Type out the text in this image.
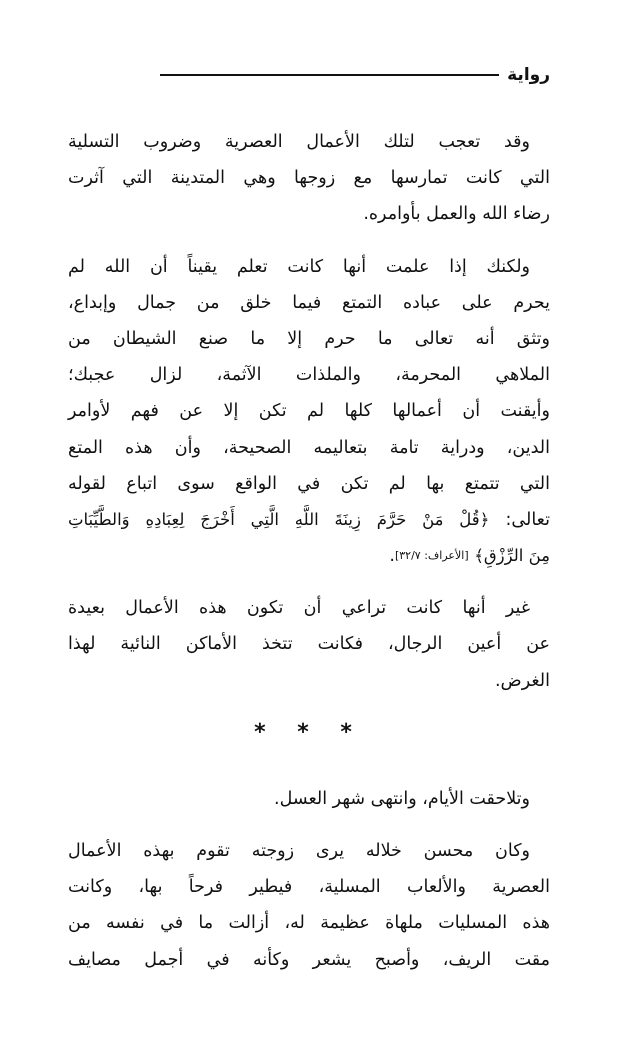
رواية
وقد تعجب لتلك الأعمال العصرية وضروب التسلية
التي كانت تمارسها مع زوجها وهي المتدينة التي آثرت
رضاء الله والعمل بأوامره.
ولكنك إذا علمت أنها كانت تعلم يقيناً أن الله لم
يحرم على عباده التمتع فيما خلق من جمال وإبداع،
وتثق أنه تعالى ما حرم إلا ما صنع الشيطان من
الملاهي المحرمة، والملذات الآثمة، لزال عجبك؛
وأيقنت أن أعمالها كلها لم تكن إلا عن فهم لأوامر
الدين، ودراية تامة بتعاليمه الصحيحة، وأن هذه المتع
التي تتمتع بها لم تكن في الواقع سوى اتباع لقوله
تعالى: ﴿قُلْ مَنْ حَرَّمَ زِينَةَ اللَّهِ الَّتِي أَخْرَجَ لِعِبَادِهِ وَالطَّيِّبَاتِ
مِنَ الرِّزْقِ﴾ [الأعراف: ٣٢/٧].
غير أنها كانت تراعي أن تكون هذه الأعمال بعيدة
عن أعين الرجال، فكانت تتخذ الأماكن النائية لهذا
الغرض.
* * *
وتلاحقت الأيام، وانتهى شهر العسل.
وكان محسن خلاله يرى زوجته تقوم بهذه الأعمال
العصرية والألعاب المسلية، فيطير فرحاً بها، وكانت
هذه المسليات ملهاة عظيمة له، أزالت ما في نفسه من
مقت الريف، وأصبح يشعر وكأنه في أجمل مصايف
